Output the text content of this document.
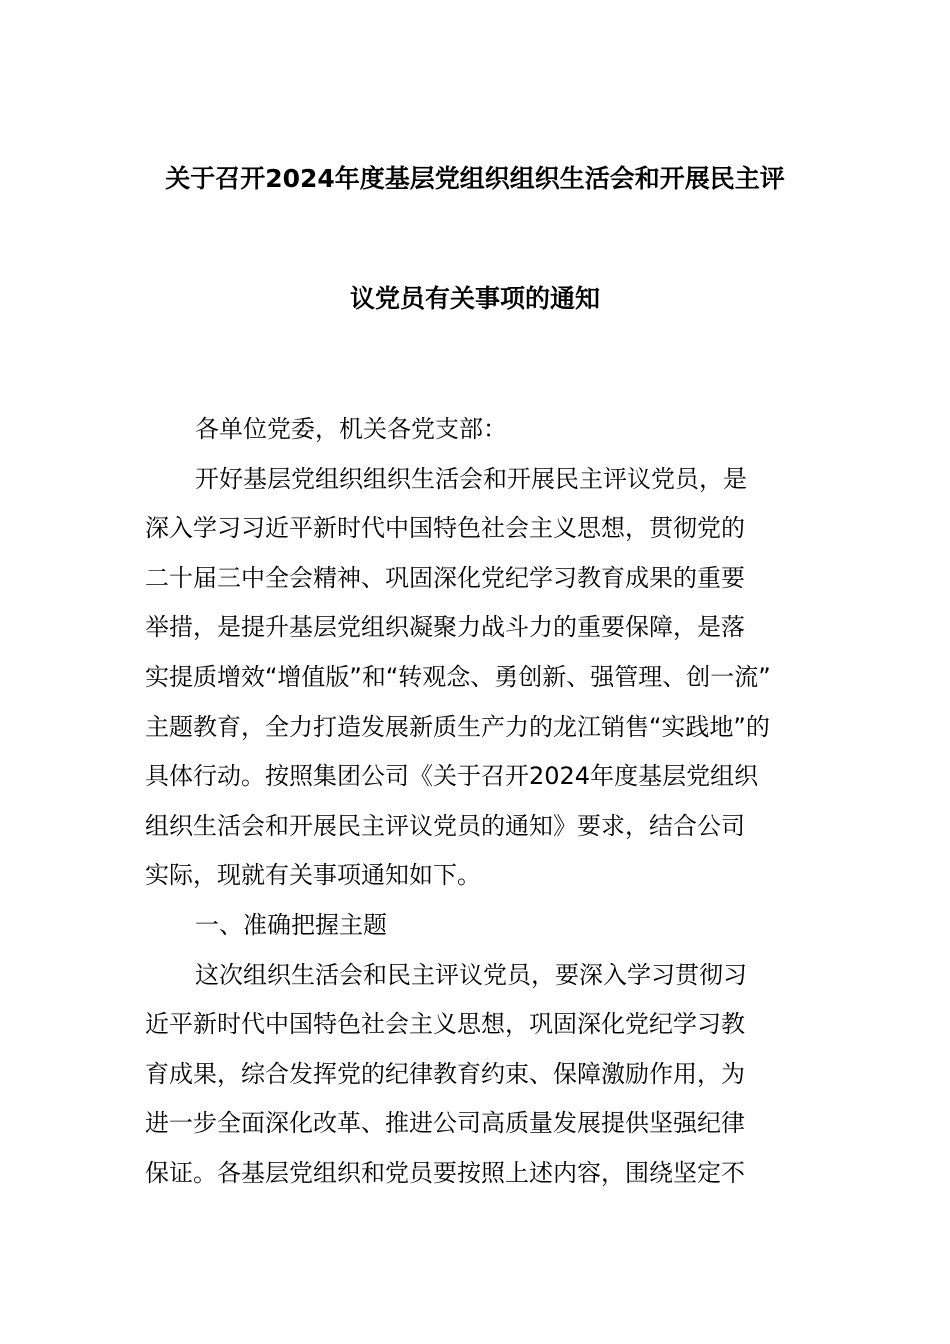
关于召开2024年度基层党组织组织生活会和开展民主评
议党员有关事项的通知

各单位党委，机关各党支部：

开好基层党组织组织生活会和开展民主评议党员，是
深入学习习近平新时代中国特色社会主义思想，贯彻党的
二十届三中全会精神、巩固深化党纪学习教育成果的重要
举措，是提升基层党组织凝聚力战斗力的重要保障，是落
实提质增效“增值版”和“转观念、勇创新、强管理、创一流”
主题教育，全力打造发展新质生产力的龙江销售“实践地”的
具体行动。按照集团公司《关于召开2024年度基层党组织
组织生活会和开展民主评议党员的通知》要求，结合公司
实际，现就有关事项通知如下。

一、准确把握主题

这次组织生活会和民主评议党员，要深入学习贯彻习
近平新时代中国特色社会主义思想，巩固深化党纪学习教
育成果，综合发挥党的纪律教育约束、保障激励作用，为
进一步全面深化改革、推进公司高质量发展提供坚强纪律
保证。各基层党组织和党员要按照上述内容，围绕坚定不
